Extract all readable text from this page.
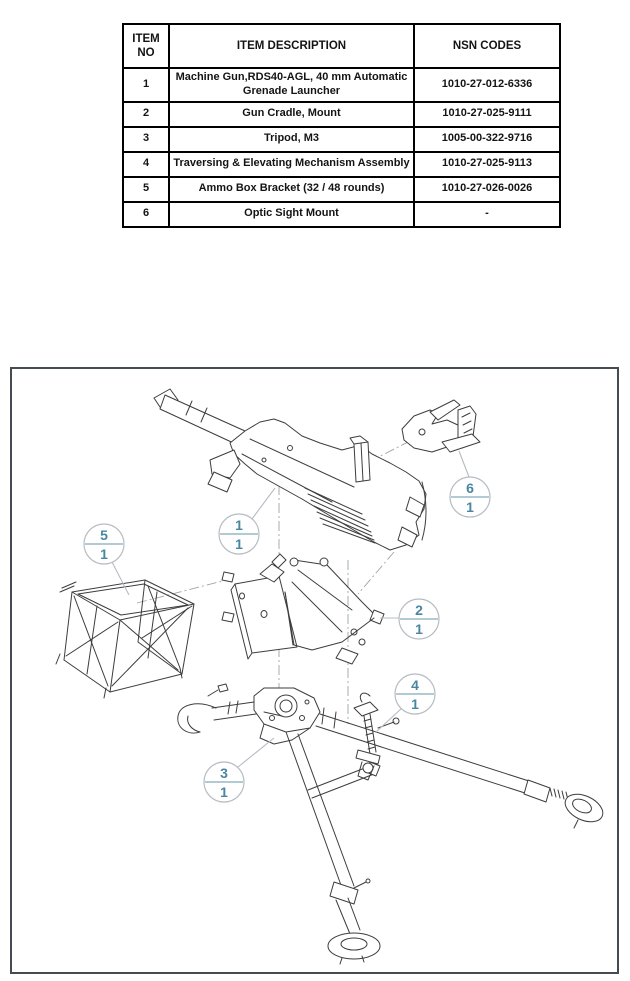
ITEM NO	ITEM DESCRIPTION	NSN CODES
1	Machine Gun,RDS40-AGL, 40 mm Automatic Grenade Launcher	1010-27-012-6336
2	Gun Cradle, Mount	1010-27-025-9111
3	Tripod, M3	1005-00-322-9716
4	Traversing & Elevating Mechanism Assembly	1010-27-025-9113
5	Ammo Box Bracket (32 / 48 rounds)	1010-27-026-0026
6	Optic Sight Mount	-
1
1
2
1
3
1
4
1
5
1
6
1
